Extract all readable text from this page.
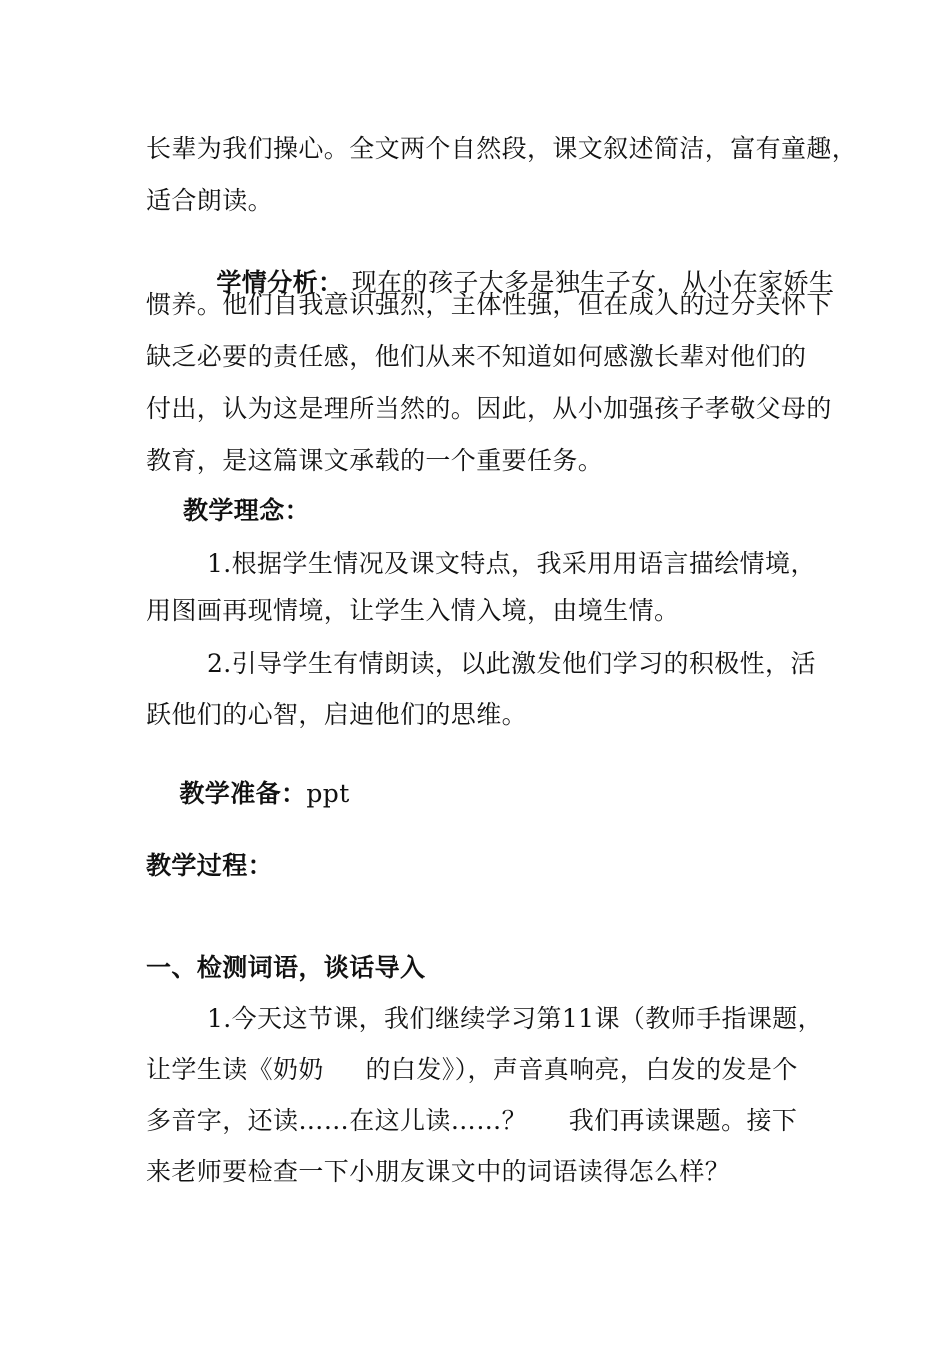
长辈为我们操心。全文两个自然段，课文叙述简洁，富有童趣，
适合朗读。

学情分析： 现在的孩子大多是独生子女，从小在家娇生

惯养。他们自我意识强烈，主体性强，但在成人的过分关怀下
缺乏必要的责任感，他们从来不知道如何感激长辈对他们的
付出，认为这是理所当然的。因此，从小加强孩子孝敬父母的
教育，是这篇课文承载的一个重要任务。
教学理念：
1.根据学生情况及课文特点，我采用用语言描绘情境，
用图画再现情境，让学生入情入境，由境生情。
2.引导学生有情朗读，以此激发他们学习的积极性，活
跃他们的心智，启迪他们的思维。

教学准备：ppt

教学过程：
一、检测词语，谈话导入
1.今天这节课，我们继续学习第11课（教师手指课题，
让学生读《奶奶     的白发》），声音真响亮，白发的发是个
多音字，还读……在这儿读……？     我们再读课题。接下
来老师要检查一下小朋友课文中的词语读得怎么样？
